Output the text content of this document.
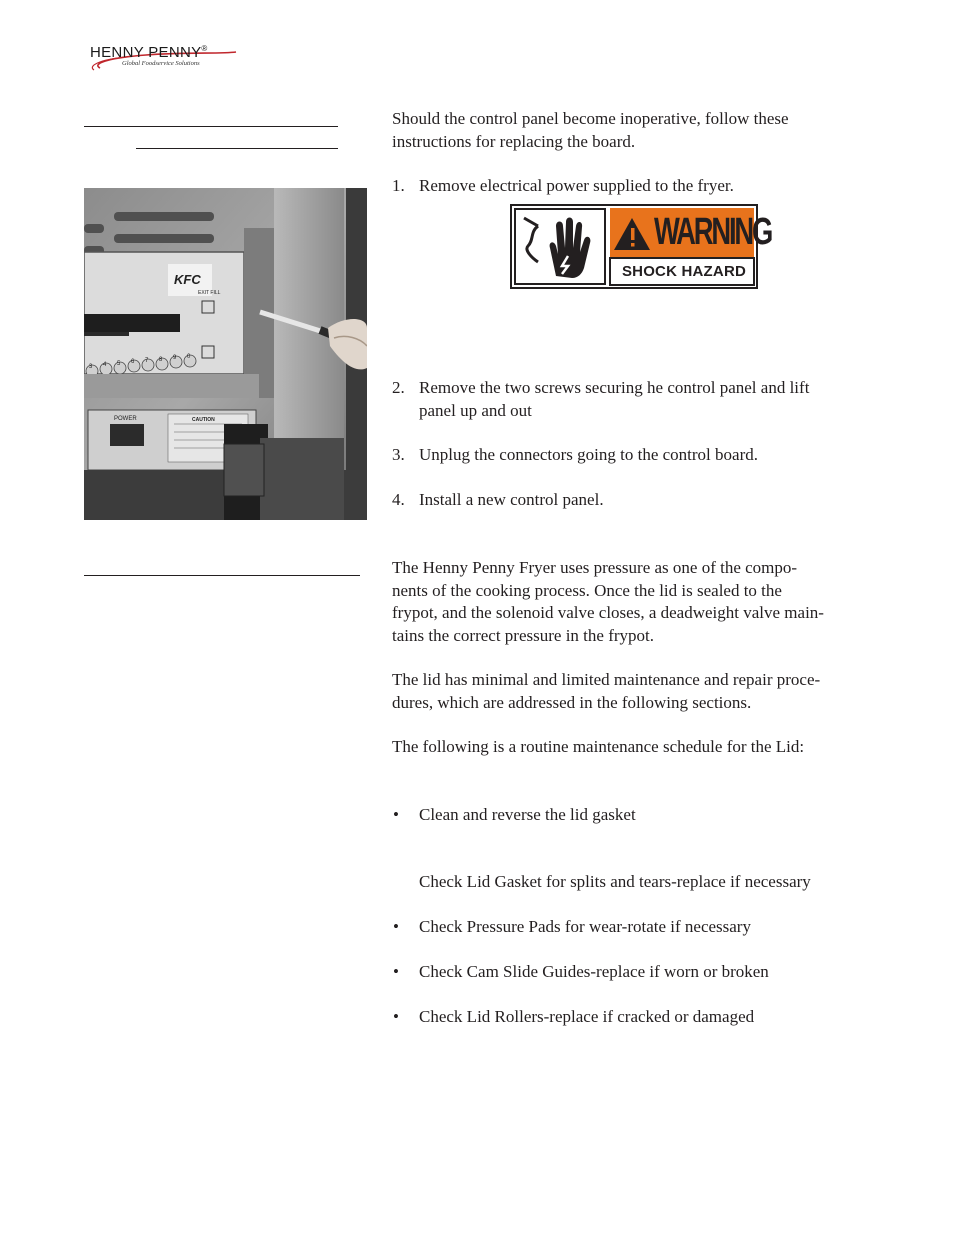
HENNY PENNY®
Global Foodservice Solutions
KFC
EXIT FILL
POWER	CAUTION
3 4 5 6 7 8 9 0
Should the control panel become inoperative, follow these
instructions for replacing the board.
1. Remove electrical power supplied to the fryer.
WARNING
SHOCK HAZARD
2. Remove the two screws securing he control panel and lift
panel up and out
3. Unplug the connectors going to the control board.
4. Install a new control panel.
The Henny Penny Fryer uses pressure as one of the compo-
nents of the cooking process. Once the lid is sealed to the
frypot, and the solenoid valve closes, a deadweight valve main-
tains the correct pressure in the frypot.
The lid has minimal and limited maintenance and repair proce-
dures, which are addressed in the following sections.
The following is a routine maintenance schedule for the Lid:
• Clean and reverse the lid gasket
Check Lid Gasket for splits and tears-replace if necessary
• Check Pressure Pads for wear-rotate if necessary
• Check Cam Slide Guides-replace if worn or broken
• Check Lid Rollers-replace if cracked or damaged
